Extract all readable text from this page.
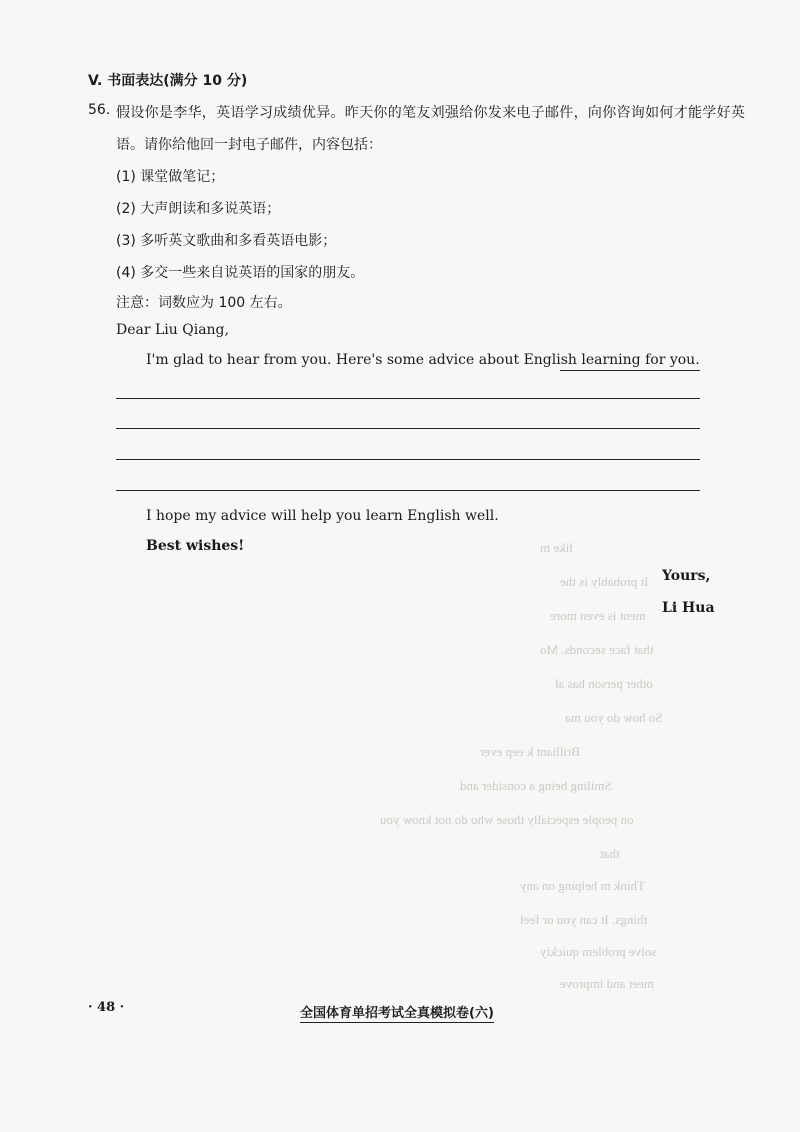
like m
It probably is the
ment is even more
that face seconds. Mo
other person has al
So how do you ma
Brilliant k eep ever
Smiling being a consider and
on people especially those who do not know you
that
Think m helping on any
things. It can you or feel
solve problem quickly
meet and improve
V. 书面表达(满分 10 分)
56. 假设你是李华，英语学习成绩优异。昨天你的笔友刘强给你发来电子邮件，向你咨询如何才能学好英
语。请你给他回一封电子邮件，内容包括：
(1) 课堂做笔记；
(2) 大声朗读和多说英语；
(3) 多听英文歌曲和多看英语电影；
(4) 多交一些来自说英语的国家的朋友。
注意：词数应为 100 左右。
Dear Liu Qiang,
I'm glad to hear from you. Here's some advice about English learning for you.
I hope my advice will help you learn English well.
Best wishes!
Yours,
Li Hua
· 48 ·	全国体育单招考试全真模拟卷(六)
